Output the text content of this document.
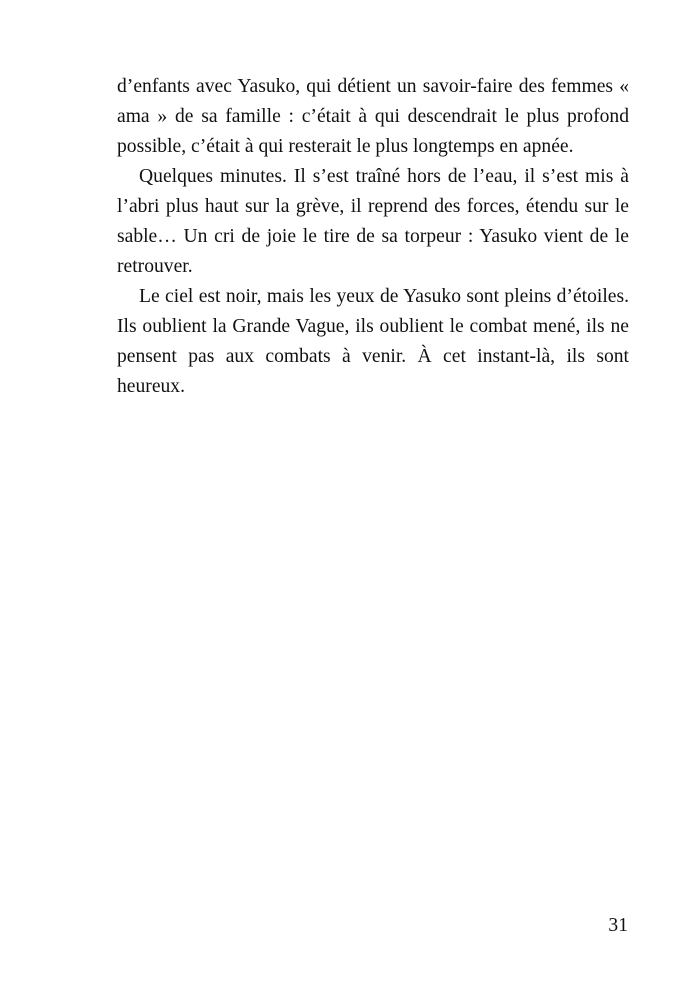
d’enfants avec Yasuko, qui détient un savoir-faire des femmes « ama » de sa famille : c’était à qui descendrait le plus profond possible, c’était à qui resterait le plus longtemps en apnée.

Quelques minutes. Il s’est traîné hors de l’eau, il s’est mis à l’abri plus haut sur la grève, il reprend des forces, étendu sur le sable… Un cri de joie le tire de sa torpeur : Yasuko vient de le retrouver.

Le ciel est noir, mais les yeux de Yasuko sont pleins d’étoiles. Ils oublient la Grande Vague, ils oublient le combat mené, ils ne pensent pas aux combats à venir. À cet instant-là, ils sont heureux.

31
